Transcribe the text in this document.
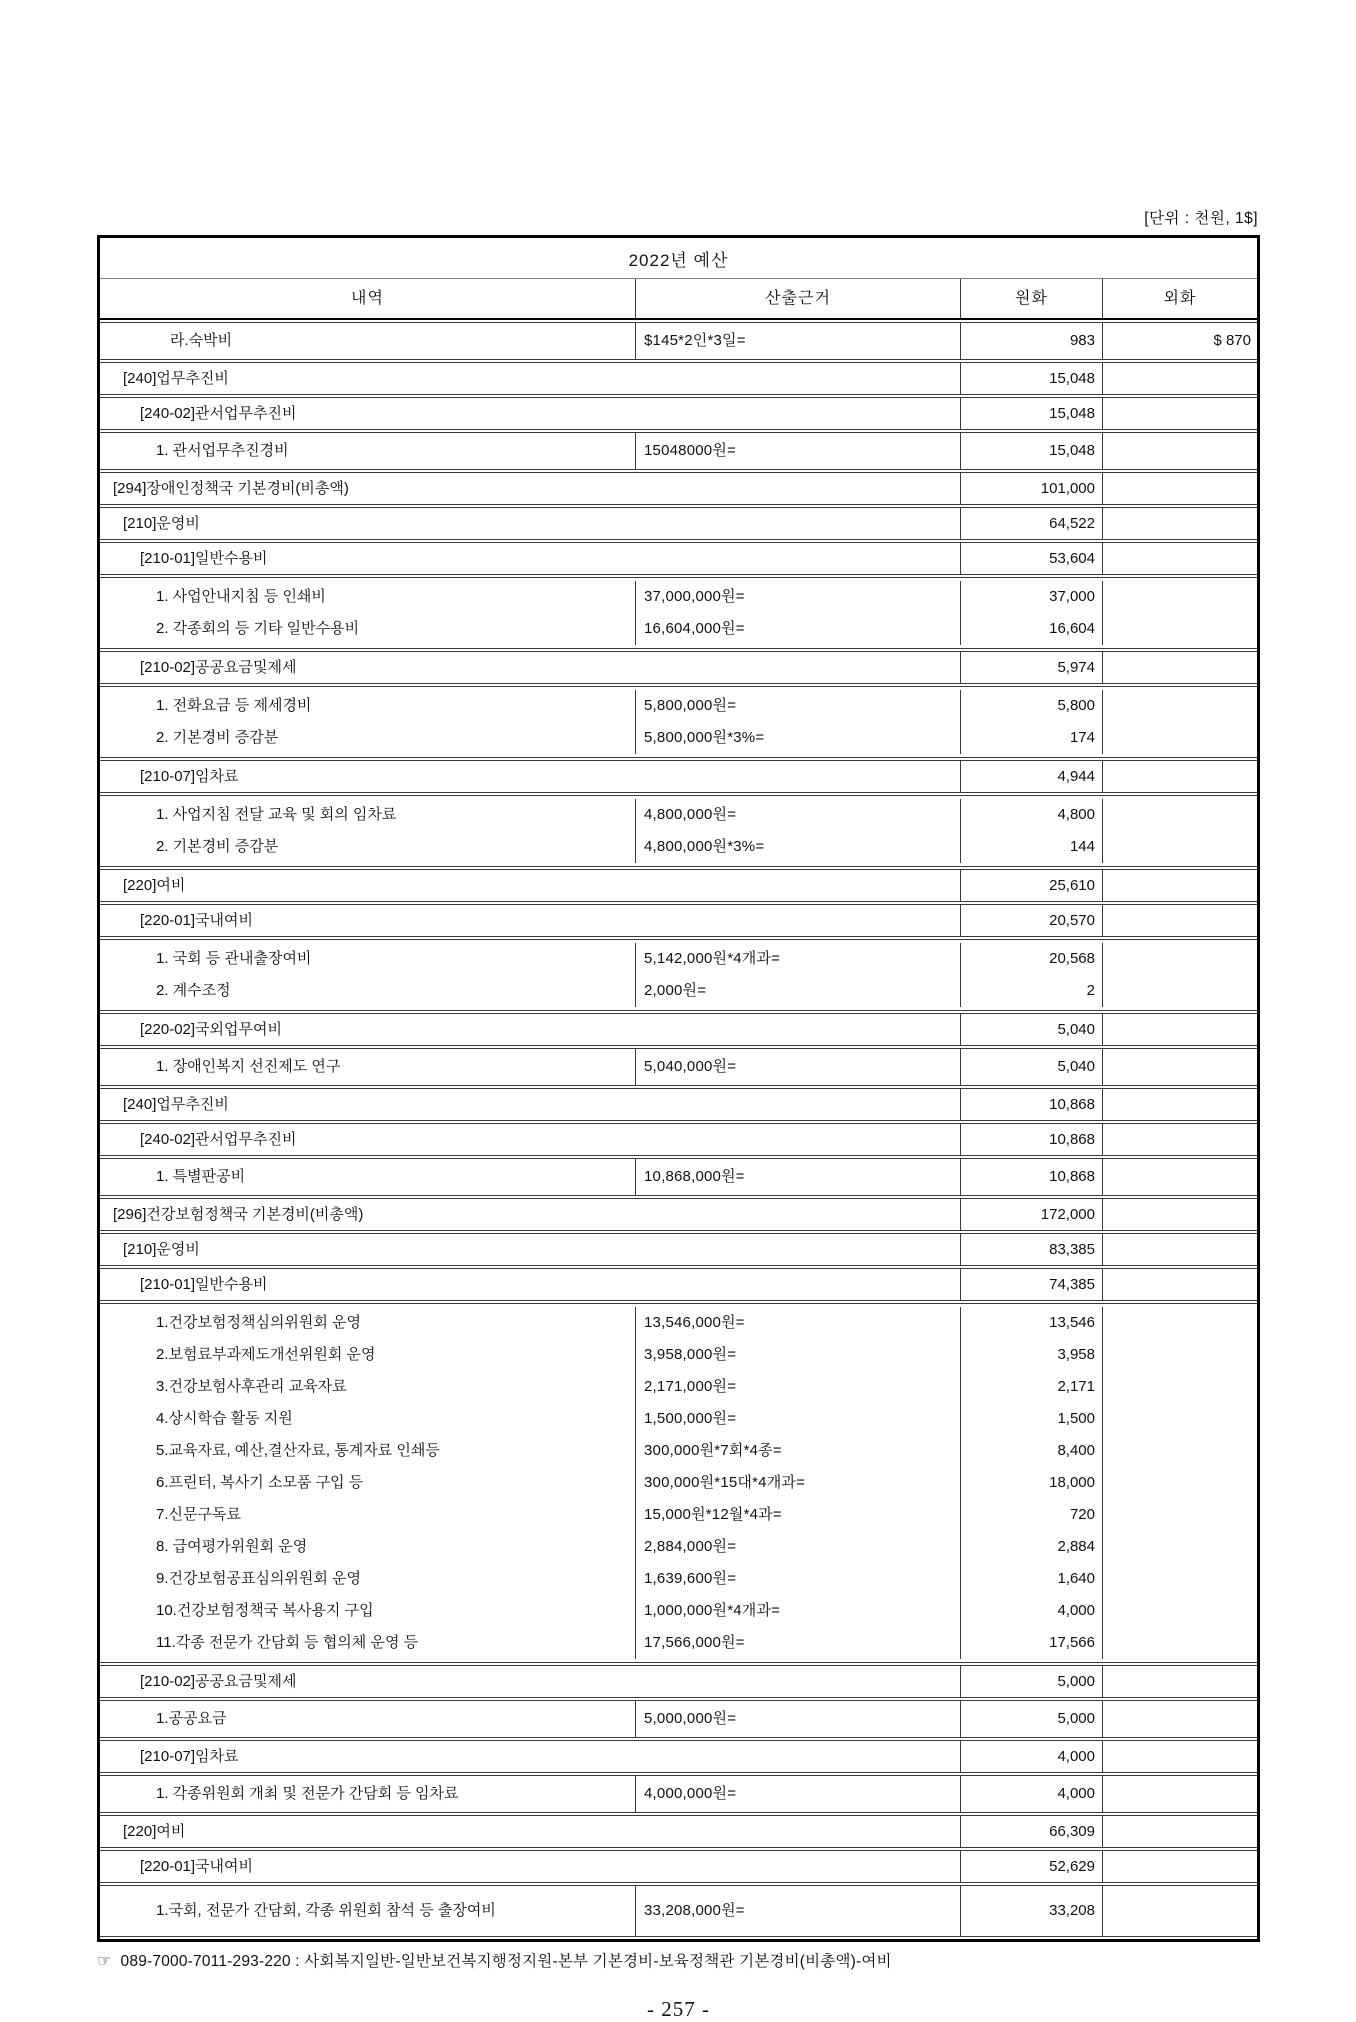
[단위 : 천원, 1$]
2022년 예산
내역	산출근거	원화	외화
라.숙박비	$145*2인*3일=	983	$ 870
[240]업무추진비	15,048
[240-02]관서업무추진비	15,048
1. 관서업무추진경비	15048000원=	15,048
[294]장애인정책국 기본경비(비총액)	101,000
[210]운영비	64,522
[210-01]일반수용비	53,604
1. 사업안내지침 등 인쇄비	37,000,000원=	37,000
2. 각종회의 등 기타 일반수용비	16,604,000원=	16,604
[210-02]공공요금및제세	5,974
1. 전화요금 등 제세경비	5,800,000원=	5,800
2. 기본경비 증감분	5,800,000원*3%=	174
[210-07]임차료	4,944
1. 사업지침 전달 교육 및 회의 임차료	4,800,000원=	4,800
2. 기본경비 증감분	4,800,000원*3%=	144
[220]여비	25,610
[220-01]국내여비	20,570
1. 국회 등 관내출장여비	5,142,000원*4개과=	20,568
2. 계수조정	2,000원=	2
[220-02]국외업무여비	5,040
1. 장애인복지 선진제도 연구	5,040,000원=	5,040
[240]업무추진비	10,868
[240-02]관서업무추진비	10,868
1. 특별판공비	10,868,000원=	10,868
[296]건강보험정책국 기본경비(비총액)	172,000
[210]운영비	83,385
[210-01]일반수용비	74,385
1.건강보험정책심의위원회 운영	13,546,000원=	13,546
2.보험료부과제도개선위원회 운영	3,958,000원=	3,958
3.건강보험사후관리 교육자료	2,171,000원=	2,171
4.상시학습 활동 지원	1,500,000원=	1,500
5.교육자료, 예산,결산자료, 통계자료 인쇄등	300,000원*7회*4종=	8,400
6.프린터, 복사기 소모품 구입 등	300,000원*15대*4개과=	18,000
7.신문구독료	15,000원*12월*4과=	720
8. 급여평가위원회 운영	2,884,000원=	2,884
9.건강보험공표심의위원회 운영	1,639,600원=	1,640
10.건강보험정책국 복사용지 구입	1,000,000원*4개과=	4,000
11.각종 전문가 간담회 등 협의체 운영 등	17,566,000원=	17,566
[210-02]공공요금및제세	5,000
1.공공요금	5,000,000원=	5,000
[210-07]임차료	4,000
1. 각종위원회 개최 및 전문가 간담회 등 임차료	4,000,000원=	4,000
[220]여비	66,309
[220-01]국내여비	52,629
1.국회, 전문가 간담회, 각종 위원회 참석 등 출장여비	33,208,000원=	33,208
☞ 089-7000-7011-293-220 : 사회복지일반-일반보건복지행정지원-본부 기본경비-보육정책관 기본경비(비총액)-여비
- 257 -
